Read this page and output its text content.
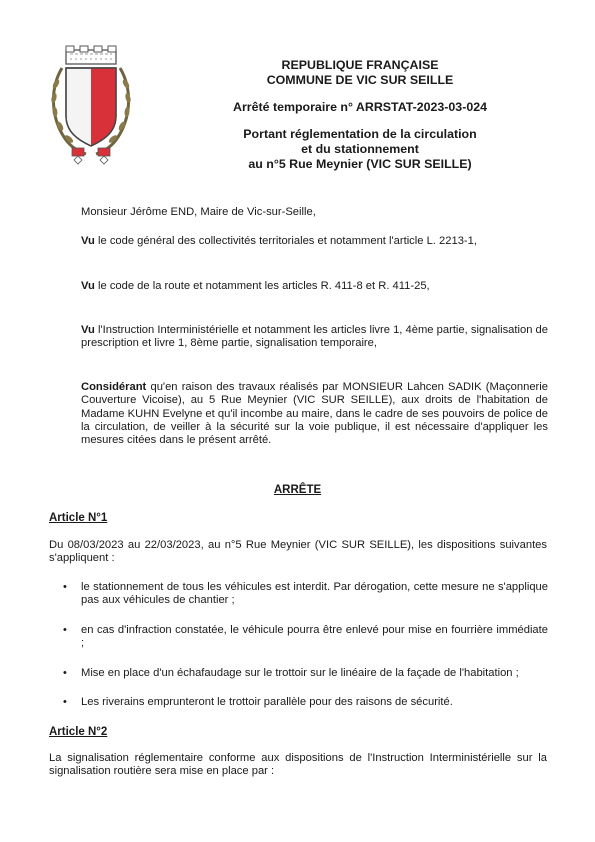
REPUBLIQUE FRANÇAISE
COMMUNE DE VIC SUR SEILLE
Arrêté temporaire n° ARRSTAT-2023-03-024
Portant réglementation de la circulation
et du stationnement
au n°5 Rue Meynier (VIC SUR SEILLE)
Monsieur Jérôme END, Maire de Vic-sur-Seille,
Vu le code général des collectivités territoriales et notamment l'article L. 2213-1,
Vu le code de la route et notamment les articles R. 411-8 et R. 411-25,
Vu l'Instruction Interministérielle et notamment les articles livre 1, 4ème partie, signalisation de prescription et livre 1, 8ème partie, signalisation temporaire,
Considérant qu'en raison des travaux réalisés par MONSIEUR Lahcen SADIK (Maçonnerie Couverture Vicoise), au 5 Rue Meynier (VIC SUR SEILLE), aux droits de l'habitation de Madame KUHN Evelyne et qu'il incombe au maire, dans le cadre de ses pouvoirs de police de la circulation, de veiller à la sécurité sur la voie publique, il est nécessaire d'appliquer les mesures citées dans le présent arrêté.
ARRÊTE
Article N°1
Du 08/03/2023 au 22/03/2023, au n°5 Rue Meynier (VIC SUR SEILLE), les dispositions suivantes s'appliquent :
•	le stationnement de tous les véhicules est interdit. Par dérogation, cette mesure ne s'applique pas aux véhicules de chantier ;
•	en cas d'infraction constatée, le véhicule pourra être enlevé pour mise en fourrière immédiate ;
•	Mise en place d'un échafaudage sur le trottoir sur le linéaire de la façade de l'habitation ;
•	Les riverains emprunteront le trottoir parallèle pour des raisons de sécurité.
Article N°2
La signalisation réglementaire conforme aux dispositions de l'Instruction Interministérielle sur la signalisation routière sera mise en place par :
